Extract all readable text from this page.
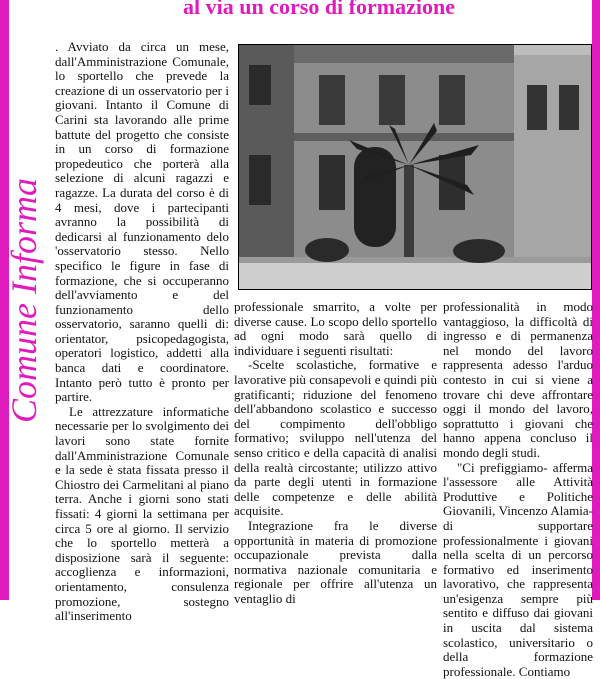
Comune Informa
al via un corso di formazione

. Avviato da circa un mese, dall'Amministrazione Comunale, lo sportello che prevede la creazione di un osservatorio per i giovani. Intanto il Comune di Carini sta lavorando alle prime battute del progetto che consiste in un corso di formazione propedeutico che porterà alla selezione di alcuni ragazzi e ragazze. La durata del corso è di 4 mesi, dove i partecipanti avranno la possibilità di dedicarsi al funzionamento delo 'osservatorio stesso. Nello specifico le figure in fase di formazione, che si occuperanno dell'avviamento e del funzionamento dello osservatorio, saranno quelli di: orientator, psicopedagogista, operatori logistico, addetti alla banca dati e coordinatore. Intanto però tutto è pronto per partire.

Le attrezzature informatiche necessarie per lo svolgimento dei lavori sono state fornite dall'Amministrazione Comunale e la sede è stata fissata presso il Chiostro dei Carmelitani al piano terra. Anche i giorni sono stati fissati: 4 giorni la settimana per circa 5 ore al giorno. Il servizio che lo sportello metterà a disposizione sarà il seguente: accoglienza e informazioni, orientamento, consulenza promozione, sostegno all'inserimento

professionale smarrito, a volte per diverse cause. Lo scopo dello sportello ad ogni modo sarà quello di individuare i seguenti risultati:

-Scelte scolastiche, formative e lavorative più consapevoli e quindi più gratificanti; riduzione del fenomeno dell'abbandono scolastico e successo del compimento dell'obbligo formativo; sviluppo nell'utenza del senso critico e della capacità di analisi della realtà circostante; utilizzo attivo da parte degli utenti in formazione delle competenze e delle abilità acquisite.

Integrazione fra le diverse opportunità in materia di promozione occupazionale prevista dalla normativa nazionale comunitaria e regionale per offrire all'utenza un ventaglio di

professionalità in modo vantaggioso, la difficoltà di ingresso e di permanenza nel mondo del lavoro rappresenta adesso l'arduo contesto in cui si viene a trovare chi deve affrontare oggi il mondo del lavoro, soprattutto i giovani che hanno appena concluso il mondo degli studi.

"Ci prefiggiamo- afferma l'assessore alle Attività Produttive e Politiche Giovanili, Vincenzo Alamia- di supportare professionalmente i giovani nella scelta di un percorso formativo ed inserimento lavorativo, che rappresenta un'esigenza sempre più sentito e diffuso dai giovani in uscita dal sistema scolastico, universitario o della formazione professionale. Contiamo
